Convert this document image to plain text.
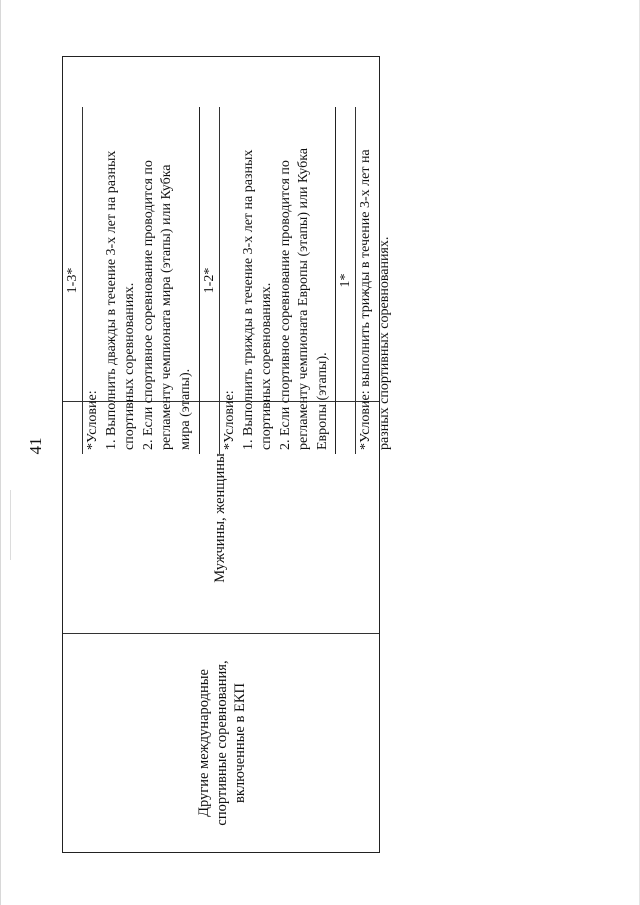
41
Другие международные спортивные соревнования, включенные в ЕКП
Мужчины, женщины
1-3*
*Условие: 1. Выполнить дважды в течение 3-х лет на разных спортивных соревнованиях. 2. Если спортивное соревнование проводится по регламенту чемпионата мира (этапы) или Кубка мира (этапы).
1-2*
*Условие: 1. Выполнить трижды в течение 3-х лет на разных спортивных соревнованиях. 2. Если спортивное соревнование проводится по регламенту чемпионата Европы (этапы) или Кубка Европы (этапы).
1* *Условие: выполнить трижды в течение 3-х лет на разных спортивных соревнованиях.
